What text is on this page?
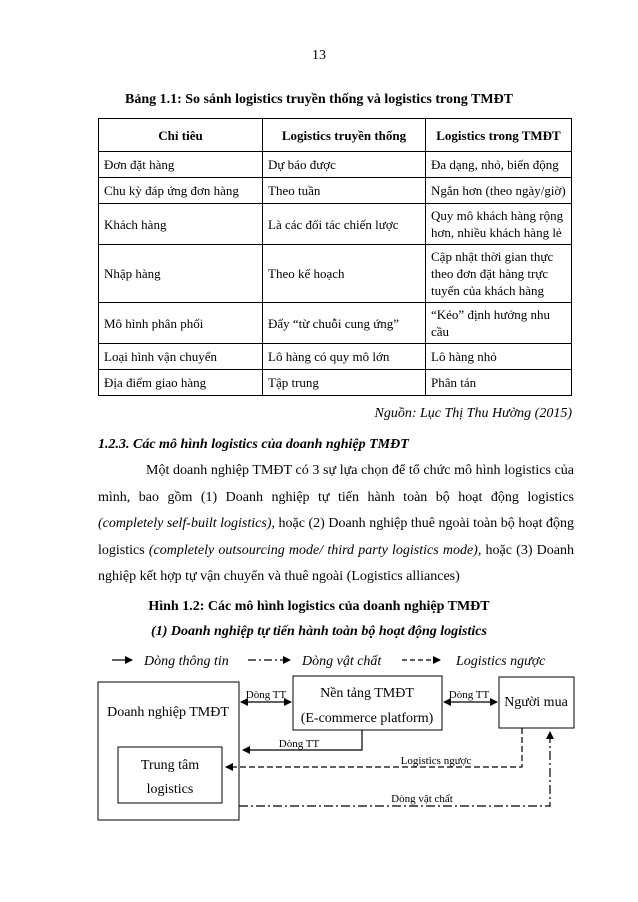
13
Bảng 1.1: So sánh logistics truyền thống và logistics trong TMĐT
Chỉ tiêu	Logistics truyền thống	Logistics trong TMĐT
Đơn đặt hàng	Dự báo được	Đa dạng, nhỏ, biến động
Chu kỳ đáp ứng đơn hàng	Theo tuần	Ngắn hơn (theo ngày/giờ)
Khách hàng	Là các đối tác chiến lược	Quy mô khách hàng rộng hơn, nhiều khách hàng lẻ
Nhập hàng	Theo kế hoạch	Cập nhật thời gian thực theo đơn đặt hàng trực tuyến của khách hàng
Mô hình phân phối	Đẩy “từ chuỗi cung ứng”	“Kéo” định hướng nhu cầu
Loại hình vận chuyển	Lô hàng có quy mô lớn	Lô hàng nhỏ
Địa điểm giao hàng	Tập trung	Phân tán
Nguồn: Lục Thị Thu Hường (2015)
1.2.3. Các mô hình logistics của doanh nghiệp TMĐT
Một doanh nghiệp TMĐT có 3 sự lựa chọn để tổ chức mô hình logistics của mình, bao gồm (1) Doanh nghiệp tự tiến hành toàn bộ hoạt động logistics (completely self-built logistics), hoặc (2) Doanh nghiệp thuê ngoài toàn bộ hoạt động logistics (completely outsourcing mode/ third party logistics mode), hoặc (3) Doanh nghiệp kết hợp tự vận chuyển và thuê ngoài (Logistics alliances)
Hình 1.2: Các mô hình logistics của doanh nghiệp TMĐT
(1) Doanh nghiệp tự tiến hành toàn bộ hoạt động logistics
Dòng thông tin	Dòng vật chất	Logistics ngược
Doanh nghiệp TMĐT
Trung tâm
logistics
Nền tảng TMĐT
(E-commerce platform)
Người mua
Dòng TT	Dòng TT
Dòng TT
Logistics ngược
Dòng vật chất
